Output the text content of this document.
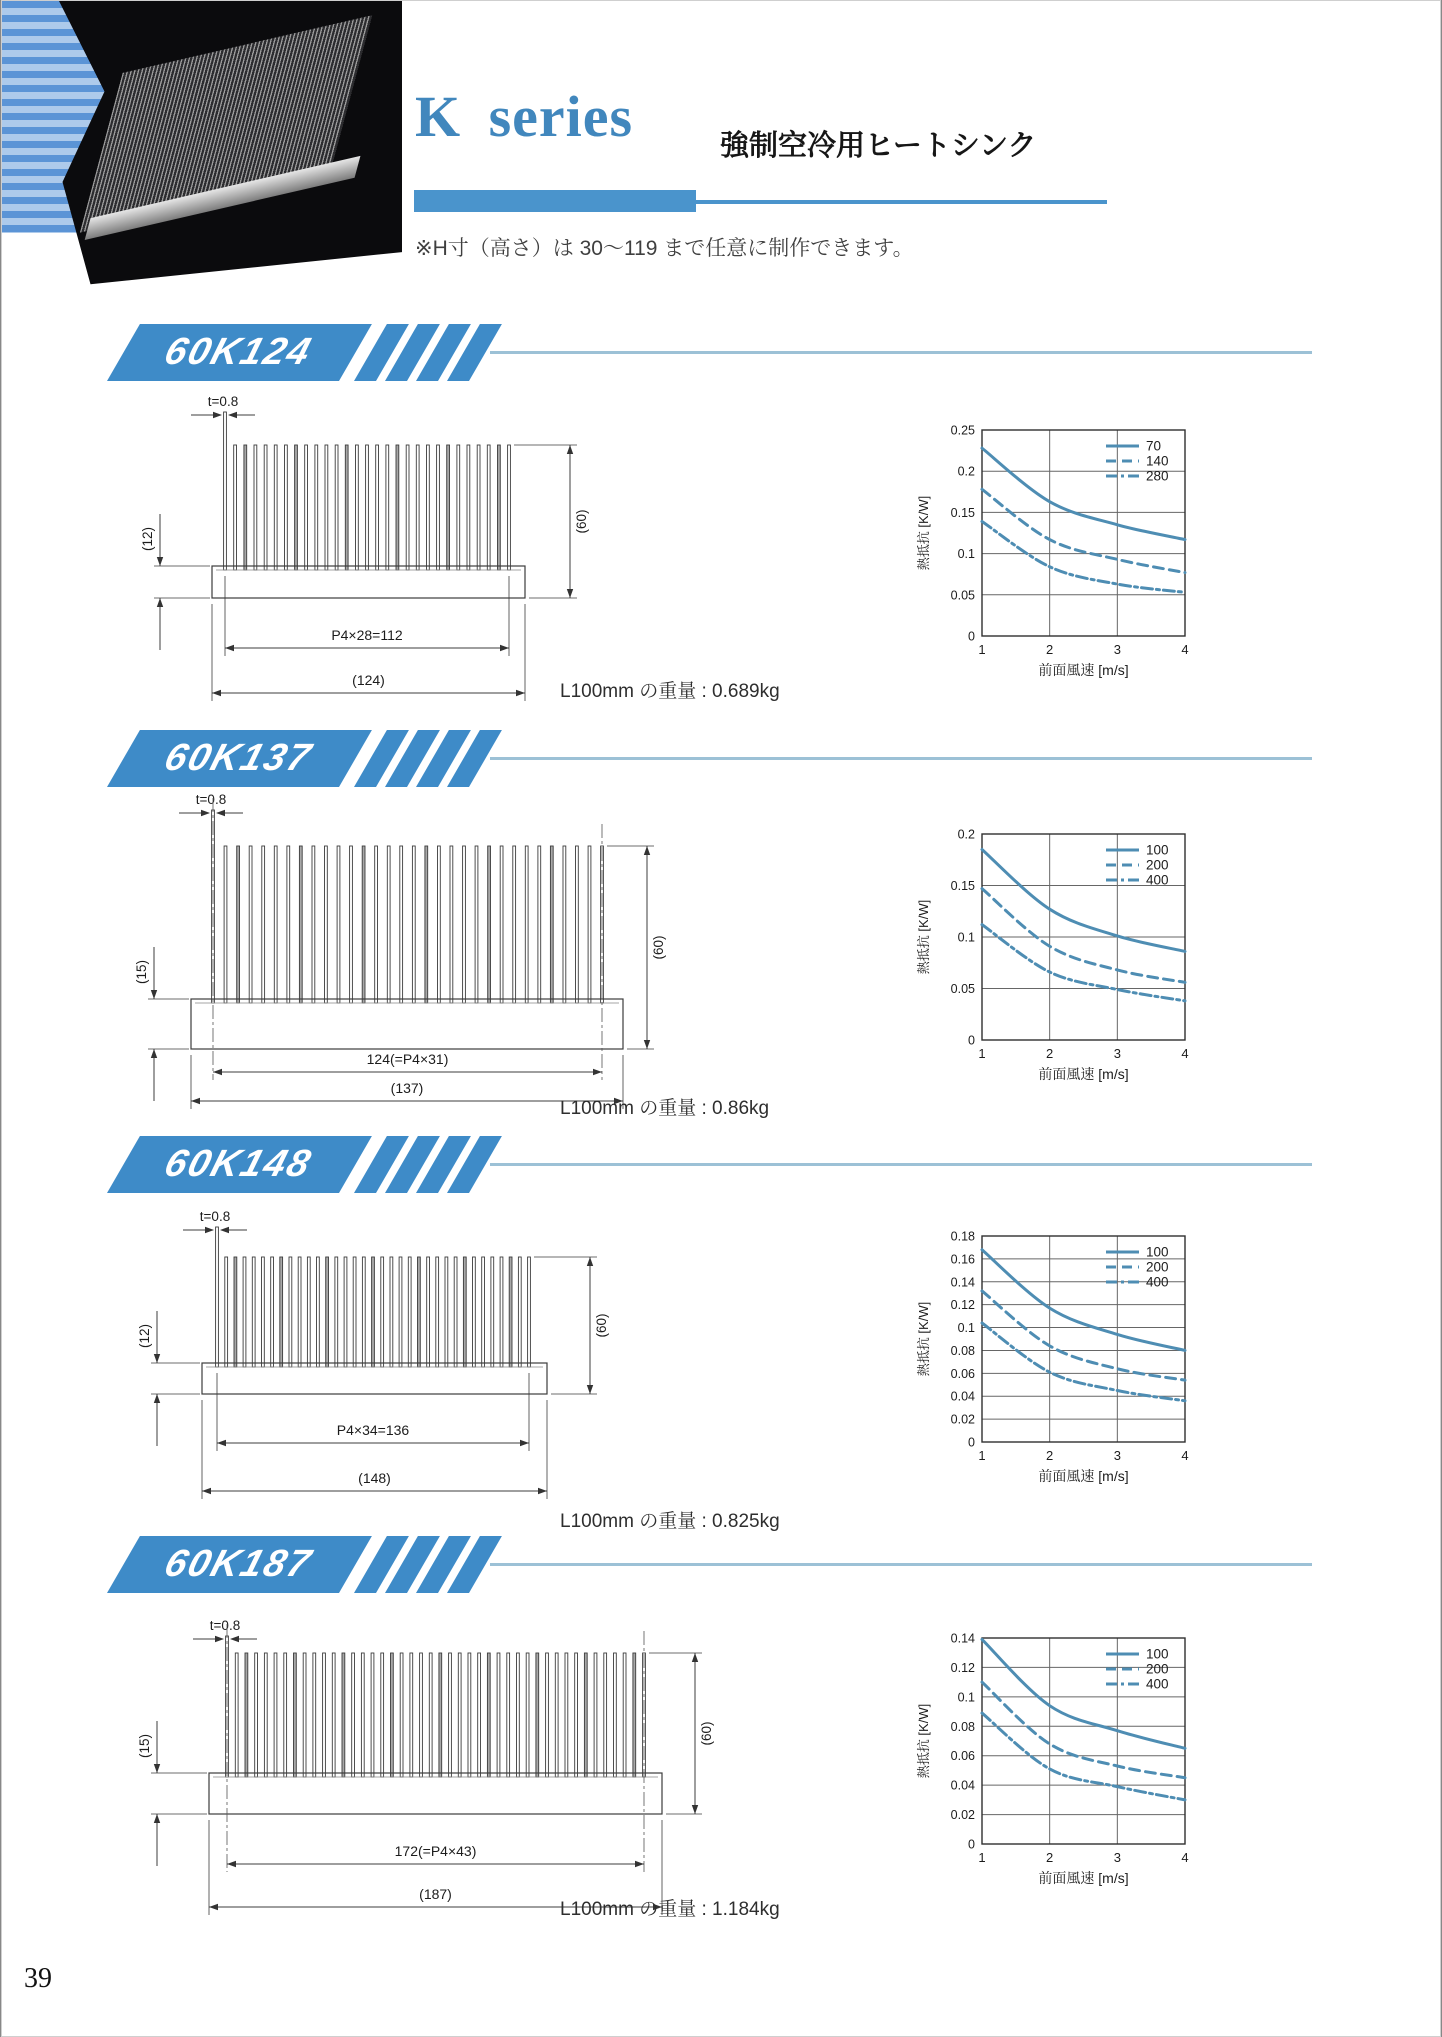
K series	強制空冷用ヒートシンク

※H寸（高さ）は 30～119 まで任意に制作できます。

60K124
t=0.8
(12)
(60)
P4×28=112
(124)
70
140
280
0
0.05
0.1
0.15
0.2
0.25
1	2	3	4
熱抵抗 [K/W]
前面風速 [m/s]

L100mm の重量 : 0.689kg

60K137
t=0.8
(15)
(60)
124(=P4×31)
(137)
100
200
400
0
0.05
0.1
0.15
0.2
1	2	3	4
熱抵抗 [K/W]
前面風速 [m/s]

L100mm の重量 : 0.86kg

60K148
t=0.8
(12)	(60)
P4×34=136
(148)
100
200
400
0
0.02
0.04
0.06
0.08
0.1
0.12
0.14
0.16
0.18
1	2	3	4
熱抵抗 [K/W]
前面風速 [m/s]

L100mm の重量 : 0.825kg

60K187
t=0.8
(15)
(60)
172(=P4×43)
(187)
100
200
400
0
0.02
0.04
0.06
0.08
0.1
0.12
0.14
1	2	3	4
熱抵抗 [K/W]
前面風速 [m/s]

L100mm の重量 : 1.184kg

39
